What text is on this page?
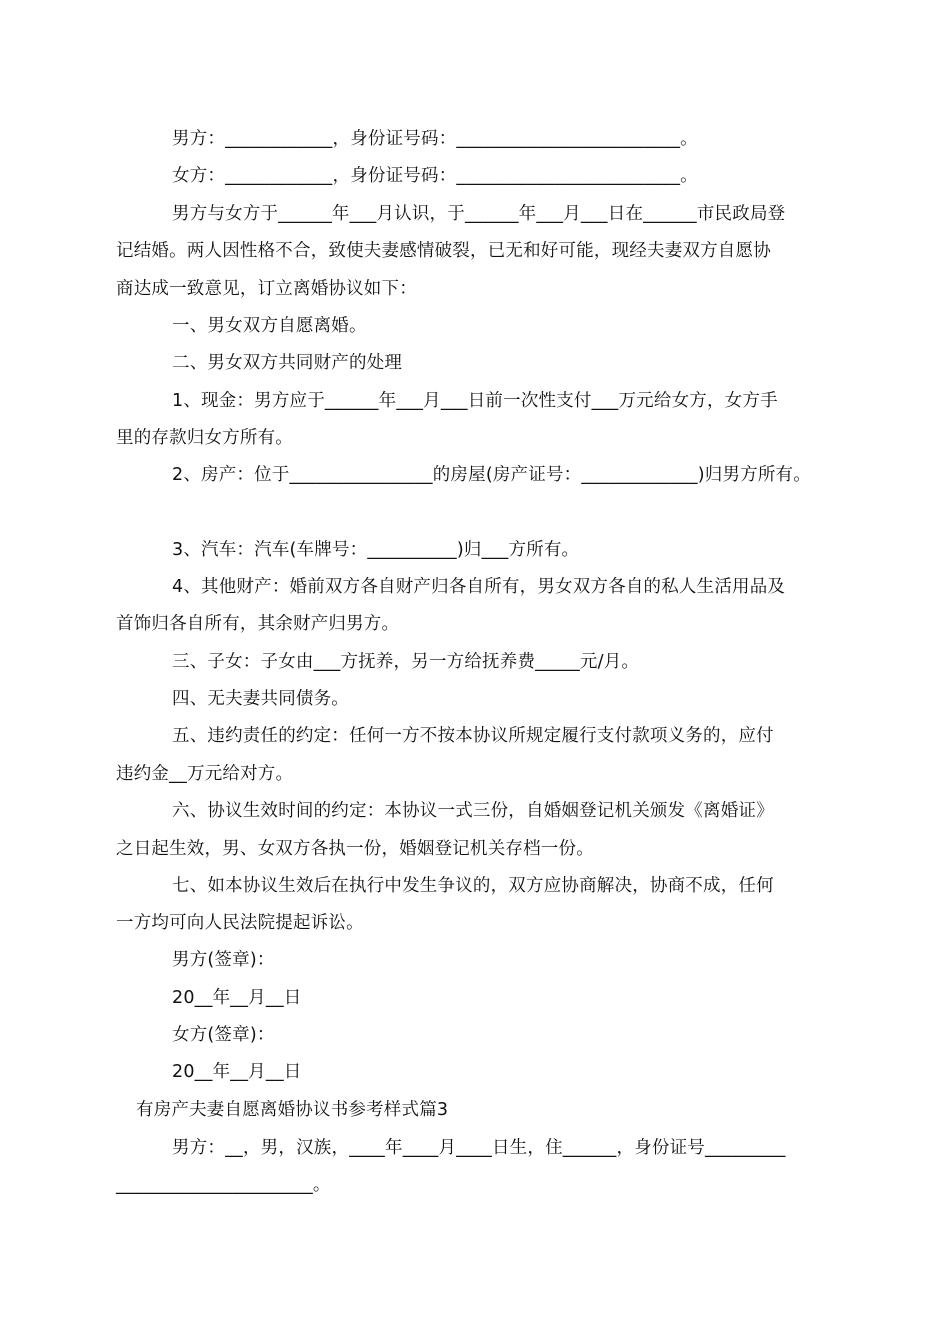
男方：____________，身份证号码：_________________________。
女方：____________，身份证号码：_________________________。
男方与女方于______年___月认识，于______年___月___日在______市民政局登
记结婚。两人因性格不合，致使夫妻感情破裂，已无和好可能，现经夫妻双方自愿协
商达成一致意见，订立离婚协议如下：
一、男女双方自愿离婚。
二、男女双方共同财产的处理
1、现金：男方应于______年___月___日前一次性支付___万元给女方，女方手
里的存款归女方所有。
2、房产：位于________________的房屋(房产证号：_____________)归男方所有。
3、汽车：汽车(车牌号：__________)归___方所有。
4、其他财产：婚前双方各自财产归各自所有，男女双方各自的私人生活用品及
首饰归各自所有，其余财产归男方。
三、子女：子女由___方抚养，另一方给抚养费_____元/月。
四、无夫妻共同债务。
五、违约责任的约定：任何一方不按本协议所规定履行支付款项义务的，应付
违约金__万元给对方。
六、协议生效时间的约定：本协议一式三份，自婚姻登记机关颁发《离婚证》
之日起生效，男、女双方各执一份，婚姻登记机关存档一份。
七、如本协议生效后在执行中发生争议的，双方应协商解决，协商不成，任何
一方均可向人民法院提起诉讼。
男方(签章)：
20__年__月__日
女方(签章)：
20__年__月__日
有房产夫妻自愿离婚协议书参考样式篇3
男方：__，男，汉族，____年____月____日生，住______，身份证号_________
______________________。
